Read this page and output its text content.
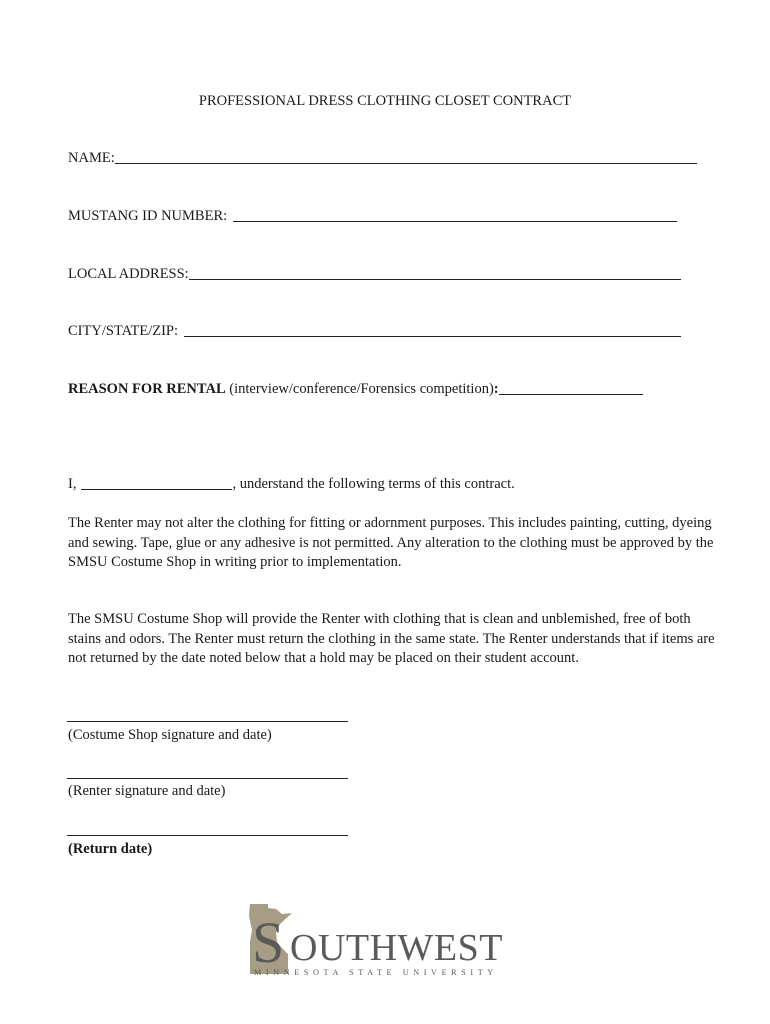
PROFESSIONAL DRESS CLOTHING CLOSET CONTRACT
NAME:
MUSTANG ID NUMBER:
LOCAL ADDRESS:
CITY/STATE/ZIP:
REASON FOR RENTAL (interview/conference/Forensics competition) :
I,	, understand the following terms of this contract.
The Renter may not alter the clothing for fitting or adornment purposes. This includes painting, cutting, dyeing and sewing. Tape, glue or any adhesive is not permitted. Any alteration to the clothing must be approved by the SMSU Costume Shop in writing prior to implementation.
The SMSU Costume Shop will provide the Renter with clothing that is clean and unblemished, free of both stains and odors. The Renter must return the clothing in the same state. The Renter understands that if items are not returned by the date noted below that a hold may be placed on their student account.
(Costume Shop signature and date)
(Renter signature and date)
(Return date)
S OUTHWEST
MINNESOTA STATE UNIVERSITY
